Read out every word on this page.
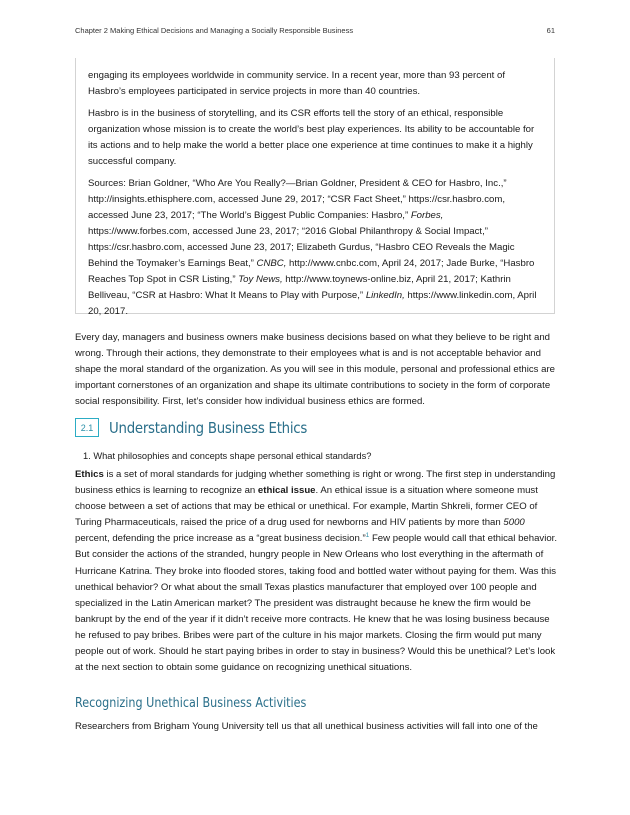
Chapter 2 Making Ethical Decisions and Managing a Socially Responsible Business	61

engaging its employees worldwide in community service. In a recent year, more than 93 percent of Hasbro’s employees participated in service projects in more than 40 countries.

Hasbro is in the business of storytelling, and its CSR efforts tell the story of an ethical, responsible organization whose mission is to create the world’s best play experiences. Its ability to be accountable for its actions and to help make the world a better place one experience at time continues to make it a highly successful company.

Sources: Brian Goldner, “Who Are You Really?—Brian Goldner, President & CEO for Hasbro, Inc.,” http://insights.ethisphere.com, accessed June 29, 2017; “CSR Fact Sheet,” https://csr.hasbro.com, accessed June 23, 2017; “The World’s Biggest Public Companies: Hasbro,” Forbes, https://www.forbes.com, accessed June 23, 2017; “2016 Global Philanthropy & Social Impact,” https://csr.hasbro.com, accessed June 23, 2017; Elizabeth Gurdus, “Hasbro CEO Reveals the Magic Behind the Toymaker’s Earnings Beat,” CNBC, http://www.cnbc.com, April 24, 2017; Jade Burke, “Hasbro Reaches Top Spot in CSR Listing,” Toy News, http://www.toynews-online.biz, April 21, 2017; Kathrin Belliveau, “CSR at Hasbro: What It Means to Play with Purpose,” LinkedIn, https://www.linkedin.com, April 20, 2017.

Every day, managers and business owners make business decisions based on what they believe to be right and wrong. Through their actions, they demonstrate to their employees what is and is not acceptable behavior and shape the moral standard of the organization. As you will see in this module, personal and professional ethics are important cornerstones of an organization and shape its ultimate contributions to society in the form of corporate social responsibility. First, let’s consider how individual business ethics are formed.

2.1	Understanding Business Ethics
1. What philosophies and concepts shape personal ethical standards?

Ethics is a set of moral standards for judging whether something is right or wrong. The first step in understanding business ethics is learning to recognize an ethical issue. An ethical issue is a situation where someone must choose between a set of actions that may be ethical or unethical. For example, Martin Shkreli, former CEO of Turing Pharmaceuticals, raised the price of a drug used for newborns and HIV patients by more than 5000 percent, defending the price increase as a “great business decision.”$^1$ Few people would call that ethical behavior. But consider the actions of the stranded, hungry people in New Orleans who lost everything in the aftermath of Hurricane Katrina. They broke into flooded stores, taking food and bottled water without paying for them. Was this unethical behavior? Or what about the small Texas plastics manufacturer that employed over 100 people and specialized in the Latin American market? The president was distraught because he knew the firm would be bankrupt by the end of the year if it didn’t receive more contracts. He knew that he was losing business because he refused to pay bribes. Bribes were part of the culture in his major markets. Closing the firm would put many people out of work. Should he start paying bribes in order to stay in business? Would this be unethical? Let’s look at the next section to obtain some guidance on recognizing unethical situations.

Recognizing Unethical Business Activities

Researchers from Brigham Young University tell us that all unethical business activities will fall into one of the
